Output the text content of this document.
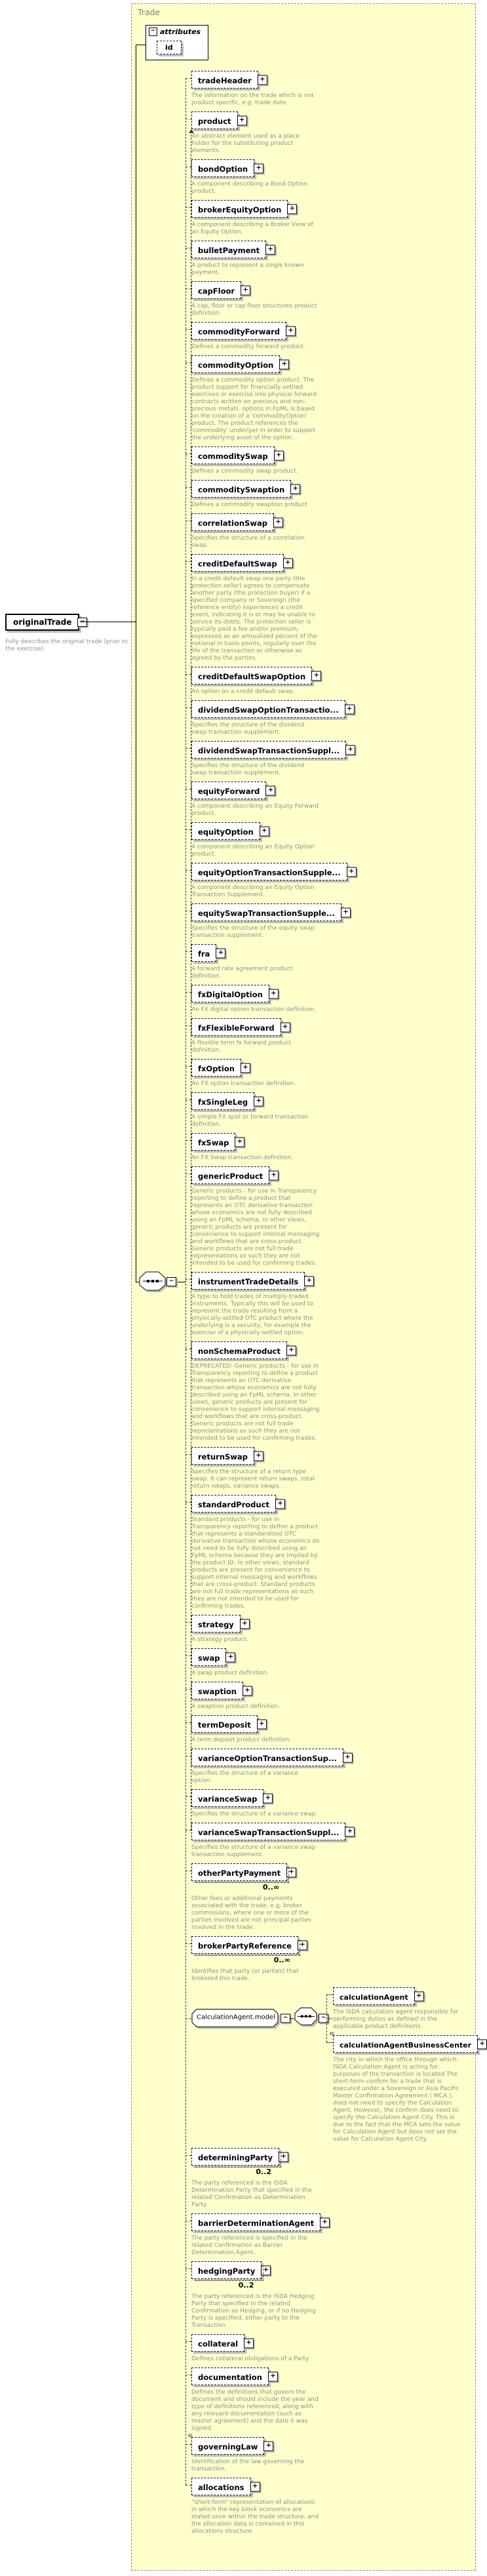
Trade
− attributes
id
originalTrade	−
Fully describes the original trade (prior to the exercise).
−
tradeHeader	+
The information on the trade which is not product specific, e.g. trade date.
product	+
An abstract element used as a place holder for the substituting product elements.
bondOption	+
A component describing a Bond Option product.
brokerEquityOption	+
A component describing a Broker View of an Equity Option.
bulletPayment	+
A product to represent a single known payment.
capFloor	+
A cap, floor or cap floor structures product definition.
commodityForward	+
Defines a commodity forward product.
commodityOption	+
Defines a commodity option product. The product support for financially-settled exercises or exercise into physical forward contracts written on precious and non-precious metals. options in FpML is based on the creation of a 'commodityOption' product. The product references the 'commodity' underlyer in order to support the underlying asset of the option.
commoditySwap	+
Defines a commodity swap product.
commoditySwaption	+
Defines a commodity swaption product
correlationSwap	+
Specifies the structure of a correlation swap.
creditDefaultSwap	+
In a credit default swap one party (the protection seller) agrees to compensate another party (the protection buyer) if a specified company or Sovereign (the reference entity) experiences a credit event, indicating it is or may be unable to service its debts. The protection seller is typically paid a fee and/or premium, expressed as an annualized percent of the notional in basis points, regularly over the life of the transaction or otherwise as agreed by the parties.
creditDefaultSwapOption	+
An option on a credit default swap.
dividendSwapOptionTransactio...	+
Specifies the structure of the dividend swap transaction supplement.
dividendSwapTransactionSuppl...	+
Specifies the structure of the dividend swap transaction supplement.
equityForward	+
A component describing an Equity Forward product.
equityOption	+
A component describing an Equity Option product.
equityOptionTransactionSupple...	+
A component describing an Equity Option Transaction Supplement.
equitySwapTransactionSupple...	+
Specifies the structure of the equity swap transaction supplement.
fra	+
A forward rate agreement product definition.
fxDigitalOption	+
An FX digital option transaction definition.
fxFlexibleForward	+
A flexible term fx forward product definition.
fxOption	+
An FX option transaction definition.
fxSingleLeg	+
A simple FX spot or forward transaction definition.
fxSwap	+
An FX Swap transaction definition.
genericProduct	+
Generic products - for use in Transparency reporting to define a product that represents an OTC derivative transaction whose economics are not fully described using an FpML schema. In other views, generic products are present for convenience to support internal messaging and workflows that are cross-product. Generic products are not full trade representations as such they are not intended to be used for confirming trades.
instrumentTradeDetails	+
A type to hold trades of multiply-traded instruments. Typically this will be used to represent the trade resulting from a physically-settled OTC product where the underlying is a security, for example the exercise of a physically-settled option.
nonSchemaProduct	+
DEPRECATED: Generic products - for use in Transparency reporting to define a product that represents an OTC derivative transaction whose economics are not fully described using an FpML schema. In other views, generic products are present for convenience to support internal messaging and workflows that are cross-product. Generic products are not full trade representations as such they are not intended to be used for confirming trades.
returnSwap	+
Specifies the structure of a return type swap. It can represent return swaps, total return swaps, variance swaps.
standardProduct	+
Standard products - for use in Transparency reporting to define a product that represents a standardized OTC derivative transaction whose economics do not need to be fully described using an FpML schema because they are implied by the product ID. In other views, standard products are present for convenience to support internal messaging and workflows that are cross-product. Standard products are not full trade representations as such they are not intended to be used for confirming trades.
strategy	+
A strategy product.
swap	+
A swap product definition.
swaption	+
A swaption product definition.
termDeposit	+
A term deposit product definition.
varianceOptionTransactionSup...	+
Specifies the structure of a variance option.
varianceSwap	+
Specifies the structure of a variance swap.
varianceSwapTransactionSuppl...	+
Specifies the structure of a variance swap transaction supplement.
otherPartyPayment	+
0..∞
Other fees or additional payments associated with the trade, e.g. broker commissions, where one or more of the parties involved are not principal parties involved in the trade.
brokerPartyReference	+
0..∞
Identifies that party (or parties) that brokered this trade.
CalculationAgent.model	−	−
calculationAgent	+
The ISDA calculation agent responsible for performing duties as defined in the applicable product definitions.
calculationAgentBusinessCenter	+
≡
The city in which the office through which ISDA Calculation Agent is acting for purposes of the transaction is located The short-form confirm for a trade that is executed under a Sovereign or Asia Pacific Master Confirmation Agreement ( MCA ), does not need to specify the Calculation Agent. However, the confirm does need to specify the Calculation Agent City. This is due to the fact that the MCA sets the value for Calculation Agent but does not set the value for Calculation Agent City.
determiningParty	+
0..2
The party referenced is the ISDA Determination Party that specified in the related Confirmation as Determination Party.
barrierDeterminationAgent	+
The party referenced is specified in the related Confirmation as Barrier Determination Agent.
hedgingParty	+
0..2
The party referenced is the ISDA Hedging Party that specified in the related Confirmation as Hedging, or if no Hedging Party is specified, either party to the Transaction.
collateral	+
Defines collateral obiligations of a Party
documentation	+
Defines the definitions that govern the document and should include the year and type of definitions referenced, along with any relevant documentation (such as master agreement) and the date it was signed.
governingLaw	+
≡
Identification of the law governing the transaction.
allocations	+
"Short-form" representation of allocations in which the key block economics are stated once within the trade structure, and the allocation data is contained in this allocations structure.
